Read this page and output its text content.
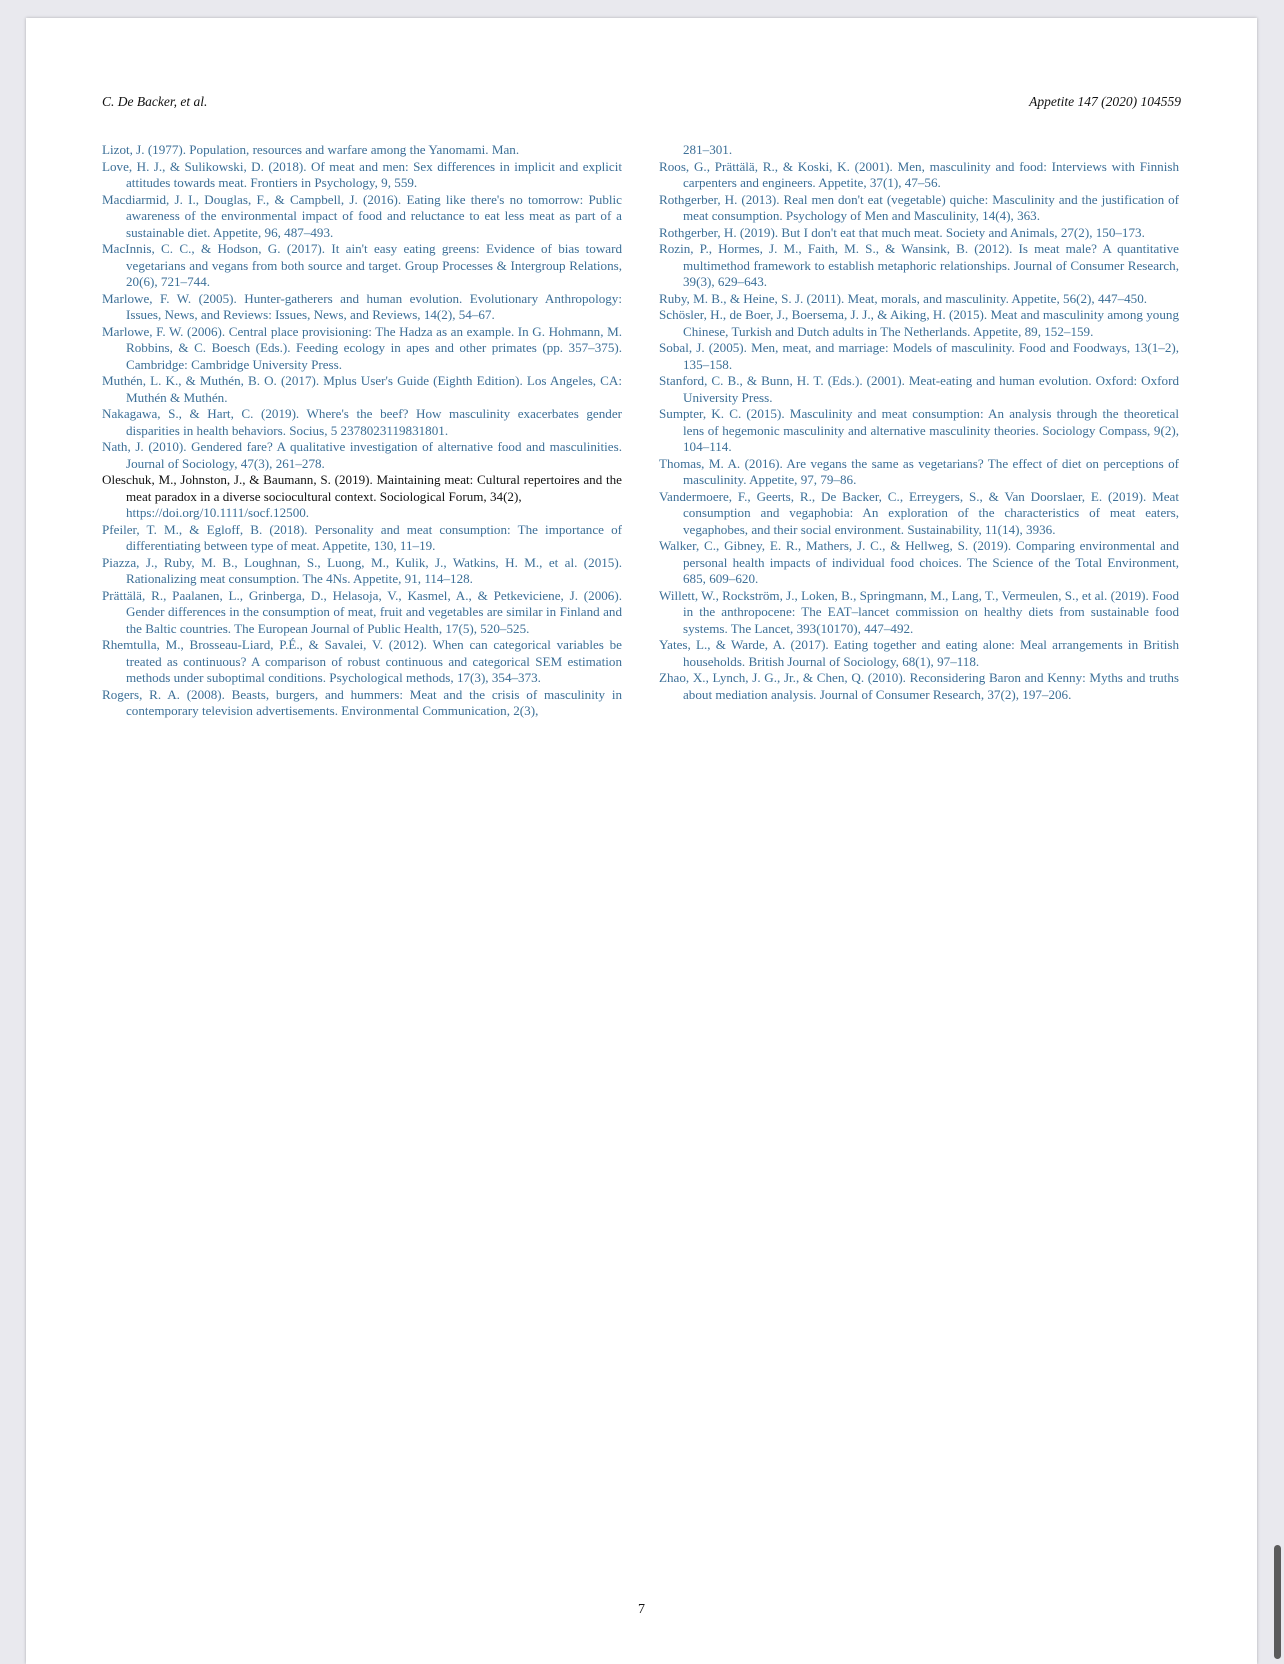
C. De Backer, et al.	Appetite 147 (2020) 104559

Lizot, J. (1977). Population, resources and warfare among the Yanomami. Man.

Love, H. J., & Sulikowski, D. (2018). Of meat and men: Sex differences in implicit and explicit attitudes towards meat. Frontiers in Psychology, 9, 559.

Macdiarmid, J. I., Douglas, F., & Campbell, J. (2016). Eating like there's no tomorrow: Public awareness of the environmental impact of food and reluctance to eat less meat as part of a sustainable diet. Appetite, 96, 487–493.

MacInnis, C. C., & Hodson, G. (2017). It ain't easy eating greens: Evidence of bias toward vegetarians and vegans from both source and target. Group Processes & Intergroup Relations, 20(6), 721–744.

Marlowe, F. W. (2005). Hunter-gatherers and human evolution. Evolutionary Anthropology: Issues, News, and Reviews: Issues, News, and Reviews, 14(2), 54–67.

Marlowe, F. W. (2006). Central place provisioning: The Hadza as an example. In G. Hohmann, M. Robbins, & C. Boesch (Eds.). Feeding ecology in apes and other primates (pp. 357–375). Cambridge: Cambridge University Press.

Muthén, L. K., & Muthén, B. O. (2017). Mplus User's Guide (Eighth Edition). Los Angeles, CA: Muthén & Muthén.

Nakagawa, S., & Hart, C. (2019). Where's the beef? How masculinity exacerbates gender disparities in health behaviors. Socius, 5 2378023119831801.

Nath, J. (2010). Gendered fare? A qualitative investigation of alternative food and masculinities. Journal of Sociology, 47(3), 261–278.

Oleschuk, M., Johnston, J., & Baumann, S. (2019). Maintaining meat: Cultural repertoires and the meat paradox in a diverse sociocultural context. Sociological Forum, 34(2),

https://doi.org/10.1111/socf.12500.

Pfeiler, T. M., & Egloff, B. (2018). Personality and meat consumption: The importance of differentiating between type of meat. Appetite, 130, 11–19.

Piazza, J., Ruby, M. B., Loughnan, S., Luong, M., Kulik, J., Watkins, H. M., et al. (2015). Rationalizing meat consumption. The 4Ns. Appetite, 91, 114–128.

Prättälä, R., Paalanen, L., Grinberga, D., Helasoja, V., Kasmel, A., & Petkeviciene, J. (2006). Gender differences in the consumption of meat, fruit and vegetables are similar in Finland and the Baltic countries. The European Journal of Public Health, 17(5), 520–525.

Rhemtulla, M., Brosseau-Liard, P.É., & Savalei, V. (2012). When can categorical variables be treated as continuous? A comparison of robust continuous and categorical SEM estimation methods under suboptimal conditions. Psychological methods, 17(3), 354–373.

Rogers, R. A. (2008). Beasts, burgers, and hummers: Meat and the crisis of masculinity in contemporary television advertisements. Environmental Communication, 2(3),

281–301.

Roos, G., Prättälä, R., & Koski, K. (2001). Men, masculinity and food: Interviews with Finnish carpenters and engineers. Appetite, 37(1), 47–56.

Rothgerber, H. (2013). Real men don't eat (vegetable) quiche: Masculinity and the justification of meat consumption. Psychology of Men and Masculinity, 14(4), 363.

Rothgerber, H. (2019). But I don't eat that much meat. Society and Animals, 27(2), 150–173.

Rozin, P., Hormes, J. M., Faith, M. S., & Wansink, B. (2012). Is meat male? A quantitative multimethod framework to establish metaphoric relationships. Journal of Consumer Research, 39(3), 629–643.

Ruby, M. B., & Heine, S. J. (2011). Meat, morals, and masculinity. Appetite, 56(2), 447–450.

Schösler, H., de Boer, J., Boersema, J. J., & Aiking, H. (2015). Meat and masculinity among young Chinese, Turkish and Dutch adults in The Netherlands. Appetite, 89, 152–159.

Sobal, J. (2005). Men, meat, and marriage: Models of masculinity. Food and Foodways, 13(1–2), 135–158.

Stanford, C. B., & Bunn, H. T. (Eds.). (2001). Meat-eating and human evolution. Oxford: Oxford University Press.

Sumpter, K. C. (2015). Masculinity and meat consumption: An analysis through the theoretical lens of hegemonic masculinity and alternative masculinity theories. Sociology Compass, 9(2), 104–114.

Thomas, M. A. (2016). Are vegans the same as vegetarians? The effect of diet on perceptions of masculinity. Appetite, 97, 79–86.

Vandermoere, F., Geerts, R., De Backer, C., Erreygers, S., & Van Doorslaer, E. (2019). Meat consumption and vegaphobia: An exploration of the characteristics of meat eaters, vegaphobes, and their social environment. Sustainability, 11(14), 3936.

Walker, C., Gibney, E. R., Mathers, J. C., & Hellweg, S. (2019). Comparing environmental and personal health impacts of individual food choices. The Science of the Total Environment, 685, 609–620.

Willett, W., Rockström, J., Loken, B., Springmann, M., Lang, T., Vermeulen, S., et al. (2019). Food in the anthropocene: The EAT–lancet commission on healthy diets from sustainable food systems. The Lancet, 393(10170), 447–492.

Yates, L., & Warde, A. (2017). Eating together and eating alone: Meal arrangements in British households. British Journal of Sociology, 68(1), 97–118.

Zhao, X., Lynch, J. G., Jr., & Chen, Q. (2010). Reconsidering Baron and Kenny: Myths and truths about mediation analysis. Journal of Consumer Research, 37(2), 197–206.

7
